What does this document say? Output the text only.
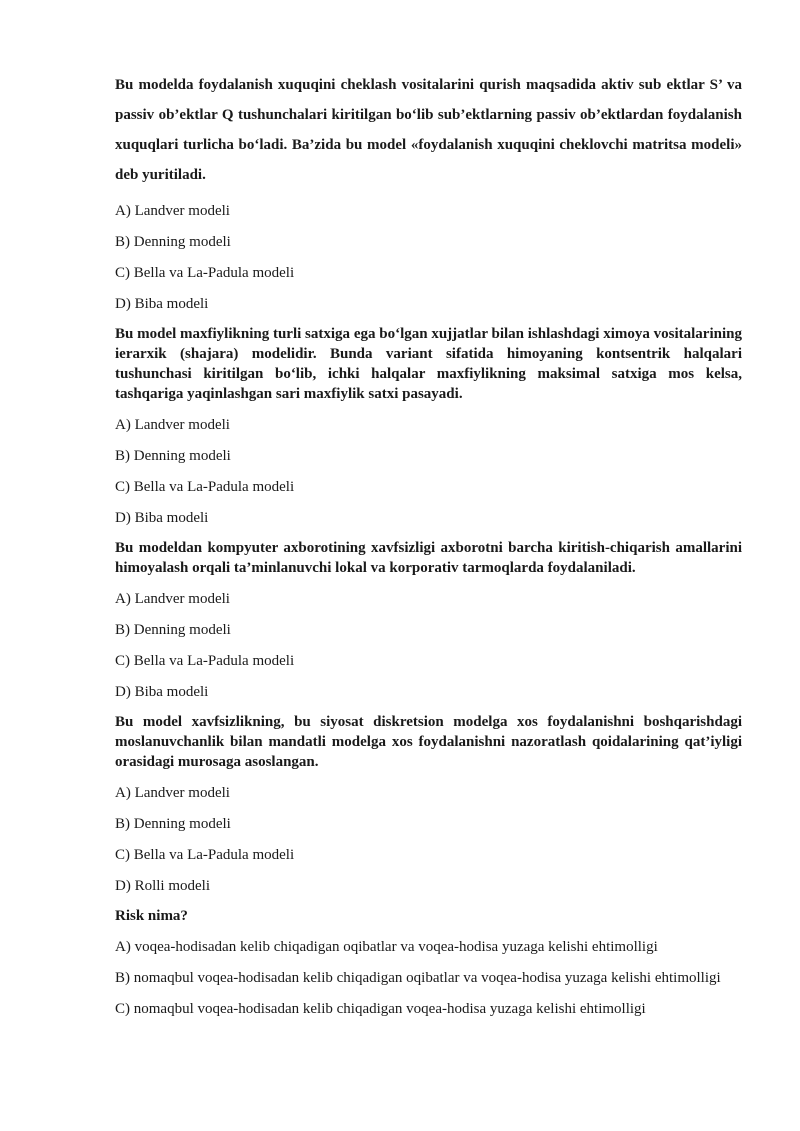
Bu modelda foydalanish xuquqini cheklash vositalarini qurish maqsadida aktiv sub ektlar S’ va passiv ob’ektlar Q tushunchalari kiritilgan bo‘lib sub’ektlarning passiv ob’ektlardan foydalanish xuquqlari turlicha bo‘ladi. Ba’zida bu model «foydalanish xuquqini cheklovchi matritsa modeli» deb yuritiladi.

A) Landver modeli

B) Denning modeli

C) Bella va La-Padula modeli

D) Biba modeli

Bu model maxfiylikning turli satxiga ega bo‘lgan xujjatlar bilan ishlashdagi ximoya vositalarining ierarxik (shajara) modelidir. Bunda variant sifatida himoyaning kontsentrik halqalari tushunchasi kiritilgan bo‘lib, ichki halqalar maxfiylikning maksimal satxiga mos kelsa, tashqariga yaqinlashgan sari maxfiylik satxi pasayadi.

A) Landver modeli

B) Denning modeli

C) Bella va La-Padula modeli

D) Biba modeli

Bu modeldan kompyuter axborotining xavfsizligi axborotni barcha kiritish-chiqarish amallarini himoyalash orqali ta’minlanuvchi lokal va korporativ tarmoqlarda foydalaniladi.

A) Landver modeli

B) Denning modeli

C) Bella va La-Padula modeli

D) Biba modeli

Bu model xavfsizlikning, bu siyosat diskretsion modelga xos foydalanishni boshqarishdagi moslanuvchanlik bilan mandatli modelga xos foydalanishni nazoratlash qoidalarining qat’iyligi orasidagi murosaga asoslangan.

A) Landver modeli

B) Denning modeli

C) Bella va La-Padula modeli

D) Rolli modeli

Risk nima?

A) voqea-hodisadan kelib chiqadigan oqibatlar va voqea-hodisa yuzaga kelishi ehtimolligi

B) nomaqbul voqea-hodisadan kelib chiqadigan oqibatlar va voqea-hodisa yuzaga kelishi ehtimolligi

C) nomaqbul voqea-hodisadan kelib chiqadigan voqea-hodisa yuzaga kelishi ehtimolligi
